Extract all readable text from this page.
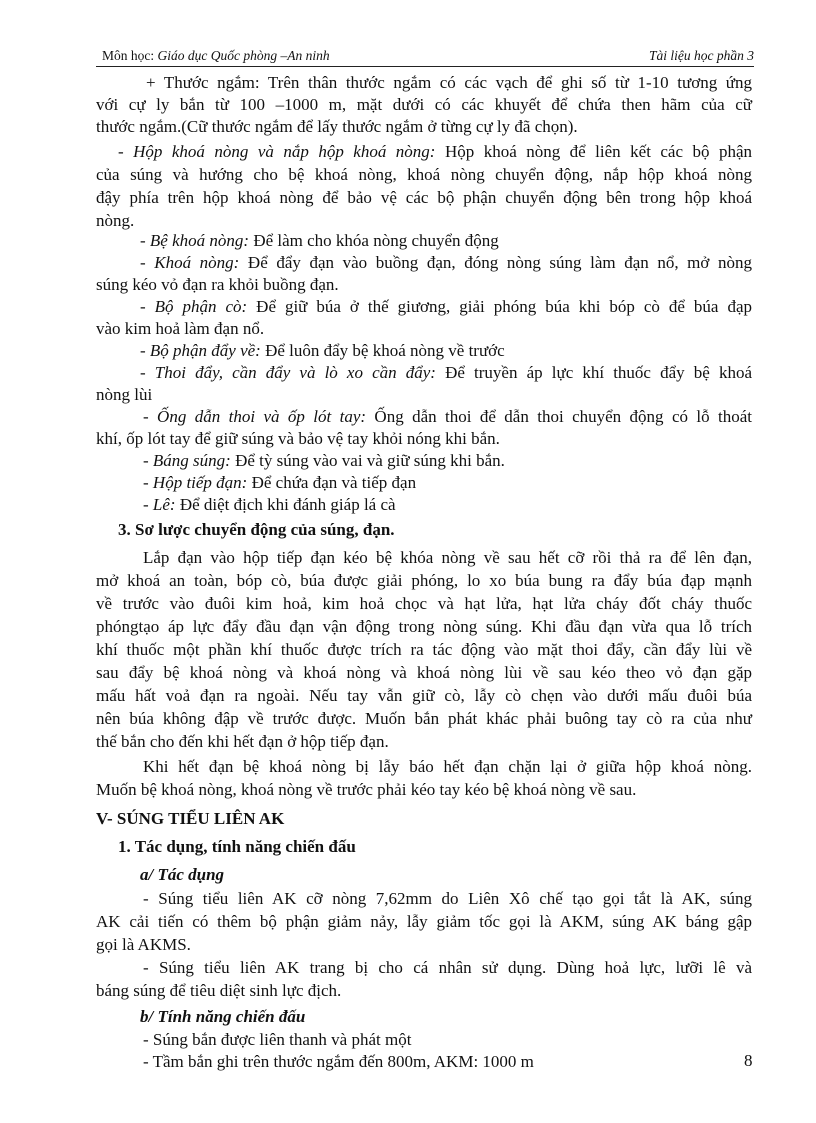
Môn học: Giáo dục Quốc phòng –An ninh	Tài liệu học phần 3
+ Thước ngắm: Trên thân thước ngắm có các vạch để ghi số từ 1-10 tương ứng
với cự ly bắn từ 100 –1000 m, mặt dưới có các khuyết để chứa then hãm của cữ
thước ngắm.(Cữ thước ngắm để lấy thước ngắm ở từng cự ly đã chọn).
- Hộp khoá nòng và nắp hộp khoá nòng: Hộp khoá nòng để liên kết các bộ phận
của súng và hướng cho bệ khoá nòng, khoá nòng chuyển động, nắp hộp khoá nòng
đậy phía trên hộp khoá nòng để bảo vệ các bộ phận chuyển động bên trong hộp khoá
nòng.
- Bệ khoá nòng: Để làm cho khóa nòng chuyển động
- Khoá nòng: Để đẩy đạn vào buồng đạn, đóng nòng súng làm đạn nổ, mở nòng
súng kéo vỏ đạn ra khỏi buồng đạn.
- Bộ phận cò: Để giữ búa ở thế giương, giải phóng búa khi bóp cò để búa đạp
vào kim hoả làm đạn nổ.
- Bộ phận đẩy về: Để luôn đẩy bệ khoá nòng về trước
- Thoi đẩy, cần đẩy và lò xo cần đẩy: Để truyền áp lực khí thuốc đẩy bệ khoá
nòng lùi
- Ống dẫn thoi và ốp lót tay: Ống dẫn thoi để dẫn thoi chuyển động có lỗ thoát
khí, ốp lót tay để giữ súng và bảo vệ tay khỏi nóng khi bắn.
- Báng súng: Để tỳ súng vào vai và giữ súng khi bắn.
- Hộp tiếp đạn: Để chứa đạn và tiếp đạn
- Lê: Để diệt địch khi đánh giáp lá cà
3. Sơ lược chuyển động của súng, đạn.
Lắp đạn vào hộp tiếp đạn kéo bệ khóa nòng về sau hết cỡ rồi thả ra để lên đạn,
mở khoá an toàn, bóp cò, búa được giải phóng, lo xo búa bung ra đẩy búa đạp mạnh
về trước vào đuôi kim hoả, kim hoả chọc và hạt lửa, hạt lửa cháy đốt cháy thuốc
phóngtạo áp lực đẩy đầu đạn vận động trong nòng súng. Khi đầu đạn vừa qua lỗ trích
khí thuốc một phần khí thuốc được trích ra tác động vào mặt thoi đẩy, cần đẩy lùi về
sau đẩy bệ khoá nòng và khoá nòng và khoá nòng lùi về sau kéo theo vỏ đạn gặp
mấu hất voả đạn ra ngoài. Nếu tay vẫn giữ cò, lẫy cò chẹn vào dưới mấu đuôi búa
nên búa không đập về trước được. Muốn bắn phát khác phải buông tay cò ra của như
thế bắn cho đến khi hết đạn ở hộp tiếp đạn.
Khi hết đạn bệ khoá nòng bị lẫy báo hết đạn chặn lại ở giữa hộp khoá nòng.
Muốn bệ khoá nòng, khoá nòng về trước phải kéo tay kéo bệ khoá nòng về sau.
V- SÚNG TIỂU LIÊN AK
1. Tác dụng, tính năng chiến đấu
a/ Tác dụng
- Súng tiểu liên AK cỡ nòng 7,62mm do Liên Xô chế tạo gọi tắt là AK, súng
AK cải tiến có thêm bộ phận giảm nảy, lẫy giảm tốc gọi là AKM, súng AK báng gập
gọi là AKMS.
- Súng tiểu liên AK trang bị cho cá nhân sử dụng. Dùng hoả lực, lưỡi lê và
báng súng để tiêu diệt sinh lực địch.
b/ Tính năng chiến đấu
- Súng bắn được liên thanh và phát một
- Tầm bắn ghi trên thước ngắm đến 800m, AKM: 1000 m	8
